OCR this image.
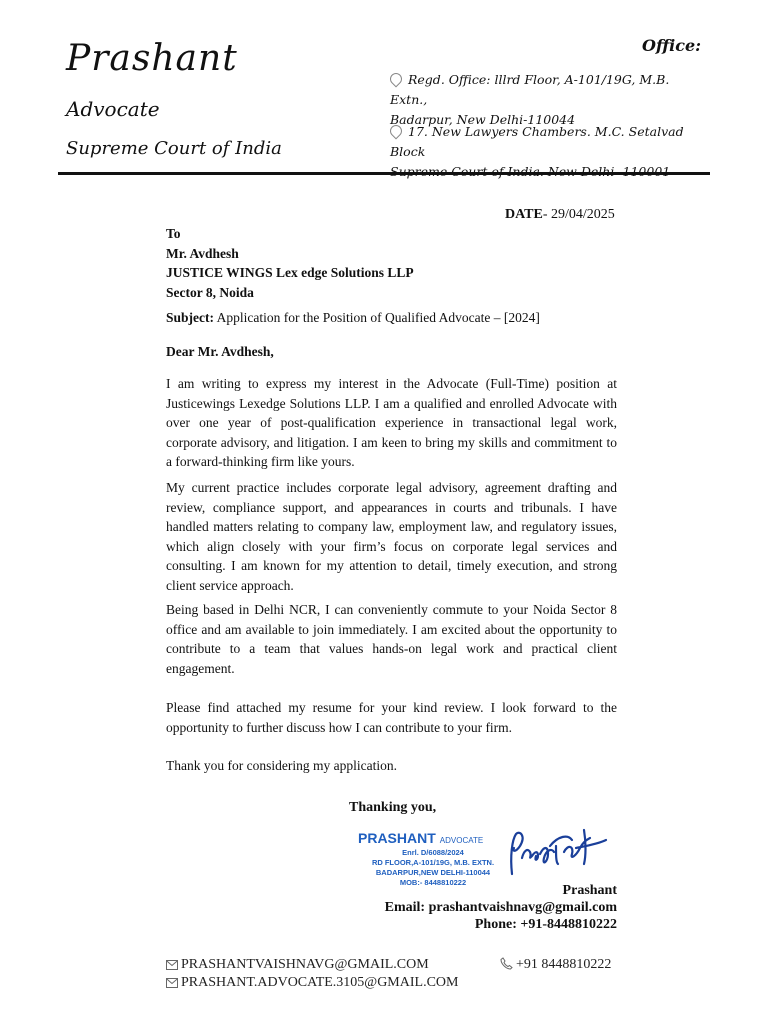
Prashant
Advocate
Supreme Court of India
Office:
Regd. Office: lllrd Floor, A-101/19G, M.B. Extn.,
Badarpur, New Delhi-110044
17. New Lawyers Chambers. M.C. Setalvad Block
Supreme Court of India. New Delhi -110001
DATE- 29/04/2025
To
Mr. Avdhesh
JUSTICE WINGS Lex edge Solutions LLP
Sector 8, Noida
Subject: Application for the Position of Qualified Advocate – [2024]
Dear Mr. Avdhesh,
I am writing to express my interest in the Advocate (Full-Time) position at Justicewings Lexedge Solutions LLP. I am a qualified and enrolled Advocate with over one year of post-qualification experience in transactional legal work, corporate advisory, and litigation. I am keen to bring my skills and commitment to a forward-thinking firm like yours.
My current practice includes corporate legal advisory, agreement drafting and review, compliance support, and appearances in courts and tribunals. I have handled matters relating to company law, employment law, and regulatory issues, which align closely with your firm’s focus on corporate legal services and consulting. I am known for my attention to detail, timely execution, and strong client service approach.
Being based in Delhi NCR, I can conveniently commute to your Noida Sector 8 office and am available to join immediately. I am excited about the opportunity to contribute to a team that values hands-on legal work and practical client engagement.
Please find attached my resume for your kind review. I look forward to the opportunity to further discuss how I can contribute to your firm.
Thank you for considering my application.
Thanking you,
PRASHANT ADVOCATE
Enrl. D/6088/2024
RD FLOOR,A-101/19G, M.B. EXTN.
BADARPUR,NEW DELHI-110044
MOB:- 8448810222
Prashant
Email: prashantvaishnavg@gmail.com
Phone: +91-8448810222
PRASHANTVAISHNAVG@GMAIL.COM
PRASHANT.ADVOCATE.3105@GMAIL.COM
+91 8448810222
